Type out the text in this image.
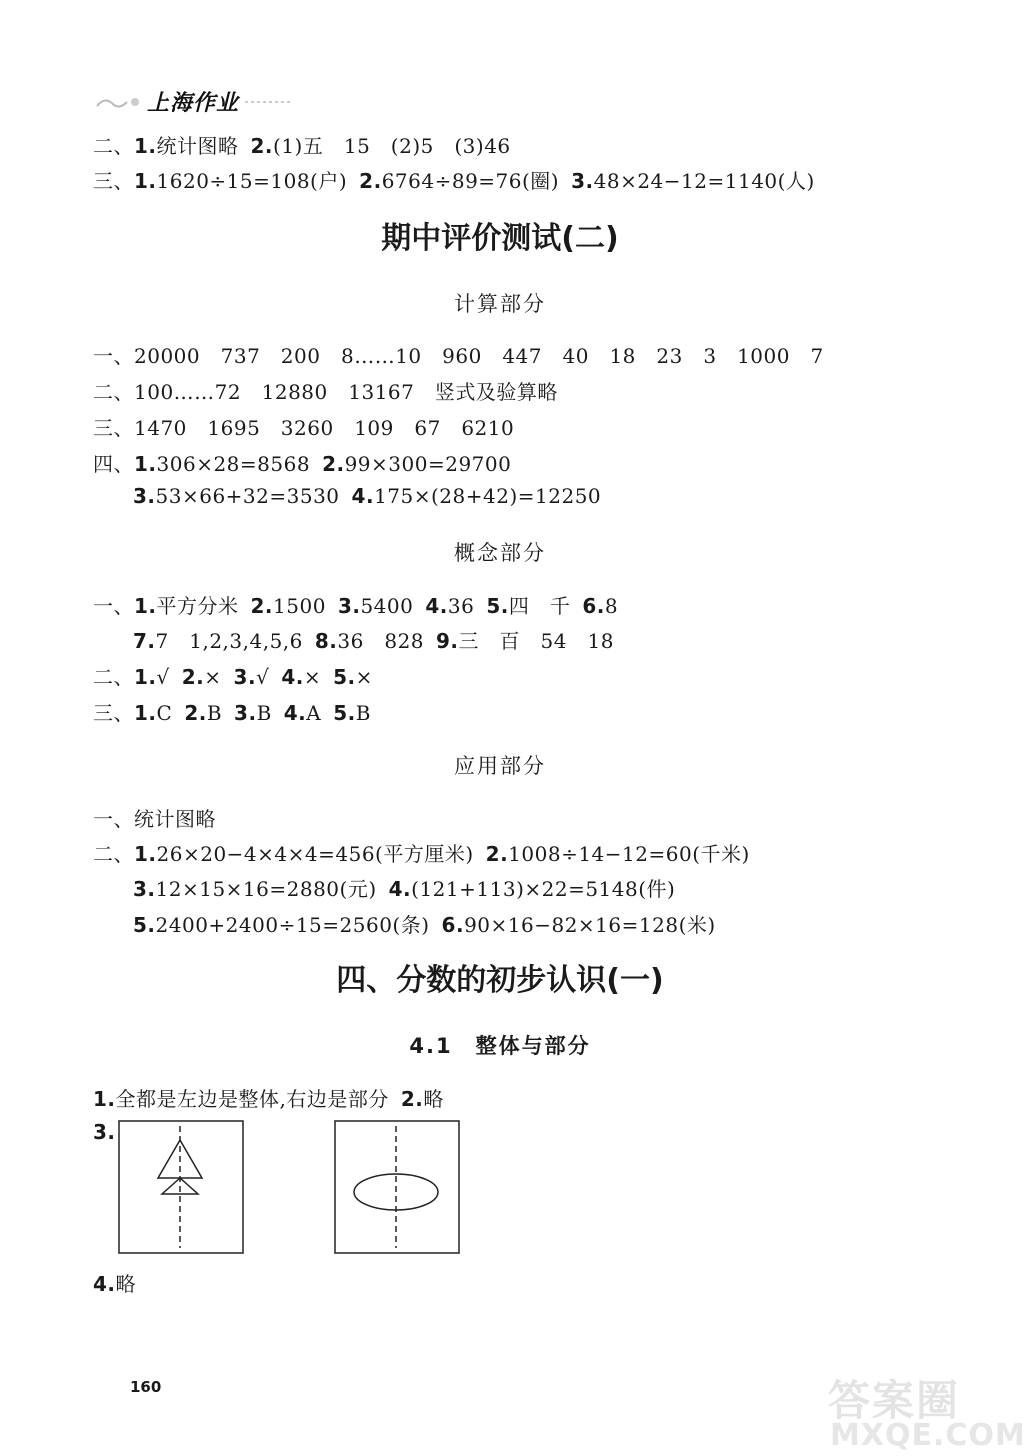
上海作业
二、1.统计图略 2.(1)五　15　(2)5　(3)46
三、1.1620÷15=108(户) 2.6764÷89=76(圈) 3.48×24−12=1140(人)
期中评价测试(二)
计算部分
一、20000　737　200　8……10　960　447　40　18　23　3　1000　7
二、100……72　12880　13167　竖式及验算略
三、1470　1695　3260　109　67　6210
四、1.306×28=8568 2.99×300=29700
3.53×66+32=3530 4.175×(28+42)=12250
概念部分
一、1.平方分米 2.1500 3.5400 4.36 5.四　千 6.8
7.7　1,2,3,4,5,6 8.36　828 9.三　百　54　18
二、1.√ 2.× 3.√ 4.× 5.×
三、1.C 2.B 3.B 4.A 5.B
应用部分
一、统计图略
二、1.26×20−4×4×4=456(平方厘米) 2.1008÷14−12=60(千米)
3.12×15×16=2880(元) 4.(121+113)×22=5148(件)
5.2400+2400÷15=2560(条) 6.90×16−82×16=128(米)
四、分数的初步认识(一)
4.1　整体与部分
1.全都是左边是整体,右边是部分 2.略
3.
4.略
160	答案圈
MXQE.COM
